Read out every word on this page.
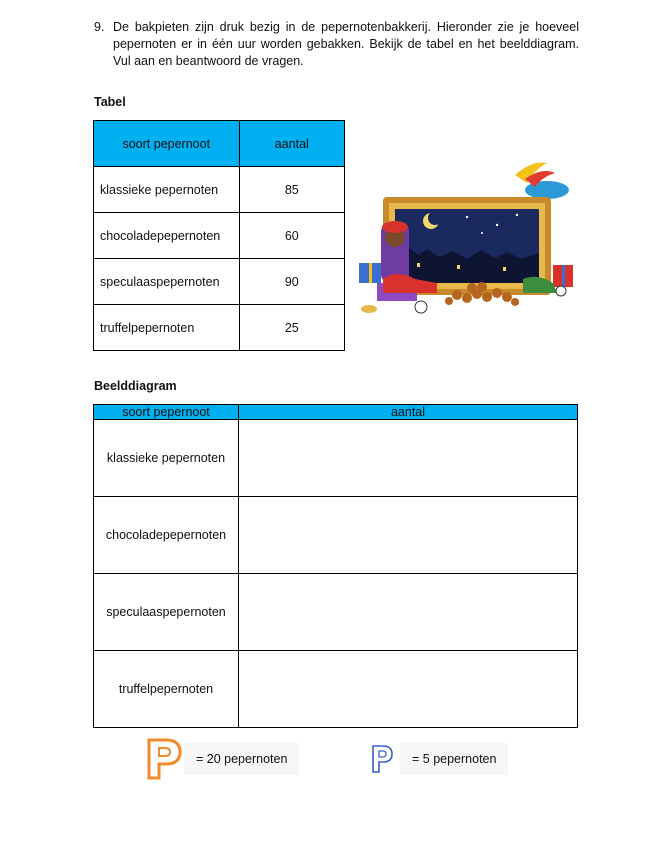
9. De bakpieten zijn druk bezig in de pepernotenbakkerij. Hieronder zie je hoeveel pepernoten er in één uur worden gebakken. Bekijk de tabel en het beelddiagram. Vul aan en beantwoord de vragen.
Tabel
soort pepernoot	aantal
klassieke pepernoten	85
chocoladepepernoten	60
speculaaspepernoten	90
truffelpepernoten	25
Beelddiagram
soort pepernoot	aantal
klassieke pepernoten	
chocoladepepernoten	
speculaaspepernoten	
truffelpepernoten	
= 20 pepernoten	= 5 pepernoten
